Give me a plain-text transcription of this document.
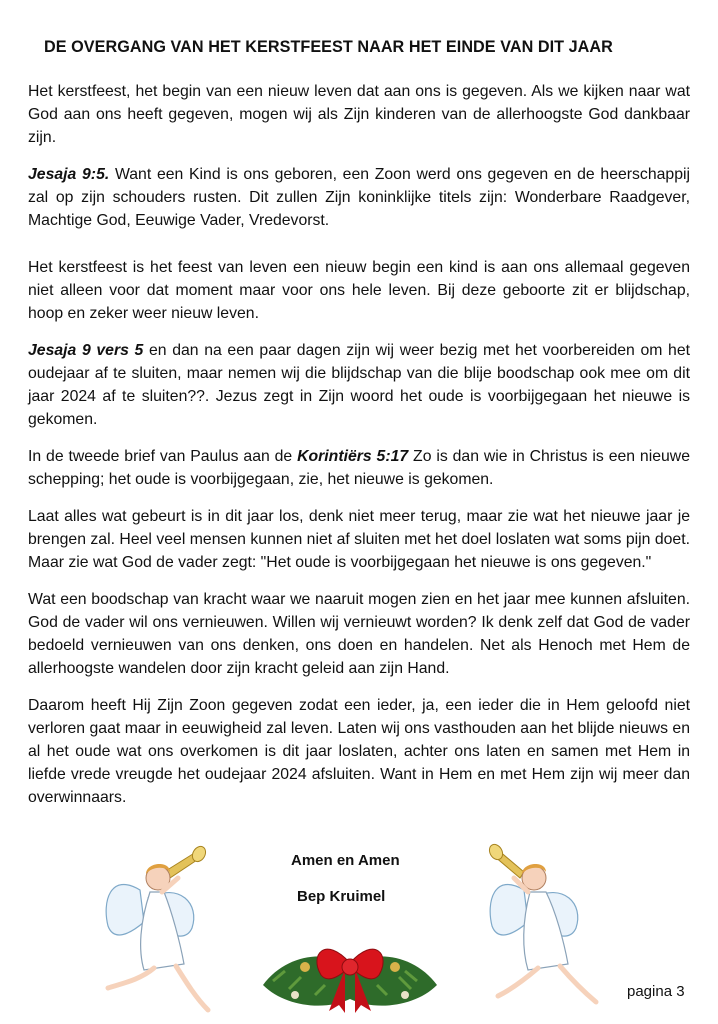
DE OVERGANG VAN HET KERSTFEEST NAAR HET EINDE VAN DIT JAAR

Het kerstfeest, het begin van een nieuw leven dat aan ons is gegeven. Als we kijken naar wat God aan ons heeft gegeven, mogen wij als Zijn kinderen van de allerhoogste God dankbaar zijn.

Jesaja 9:5. Want een Kind is ons geboren, een Zoon werd ons gegeven en de heerschappij zal op zijn schouders rusten. Dit zullen Zijn koninklijke titels zijn: Wonderbare Raadgever, Machtige God, Eeuwige Vader, Vredevorst.

Het kerstfeest is het feest van leven een nieuw begin een kind is aan ons allemaal gegeven niet alleen voor dat moment maar voor ons hele leven. Bij deze geboorte zit er blijdschap, hoop en zeker weer nieuw leven.

Jesaja 9 vers 5 en dan na een paar dagen zijn wij weer bezig met het voorbereiden om het oudejaar af te sluiten, maar nemen wij die blijdschap van die blije boodschap ook mee om dit jaar 2024 af te sluiten??. Jezus zegt in Zijn woord het oude is voorbijgegaan het nieuwe is gekomen.

In de tweede brief van Paulus aan de Korintiërs 5:17 Zo is dan wie in Christus is een nieuwe schepping; het oude is voorbijgegaan, zie, het nieuwe is gekomen.

Laat alles wat gebeurt is in dit jaar los, denk niet meer terug, maar zie wat het nieuwe jaar je brengen zal. Heel veel mensen kunnen niet af sluiten met het doel loslaten wat soms pijn doet. Maar zie wat God de vader zegt: "Het oude is voorbijgegaan het nieuwe is ons gegeven."

Wat een boodschap van kracht waar we naaruit mogen zien en het jaar mee kunnen afsluiten. God de vader wil ons vernieuwen. Willen wij vernieuwt worden? Ik denk zelf dat God de vader bedoeld vernieuwen van ons denken, ons doen en handelen. Net als Henoch met Hem de allerhoogste wandelen door zijn kracht geleid aan zijn Hand.

Daarom heeft Hij Zijn Zoon gegeven zodat een ieder, ja, een ieder die in Hem geloofd niet verloren gaat maar in eeuwigheid zal leven. Laten wij ons vasthouden aan het blijde nieuws en al het oude wat ons overkomen is dit jaar loslaten, achter ons laten en samen met Hem in liefde vrede vreugde het oudejaar 2024 afsluiten. Want in Hem en met Hem zijn wij meer dan overwinnaars.

Amen en Amen
Bep Kruimel
pagina 3
